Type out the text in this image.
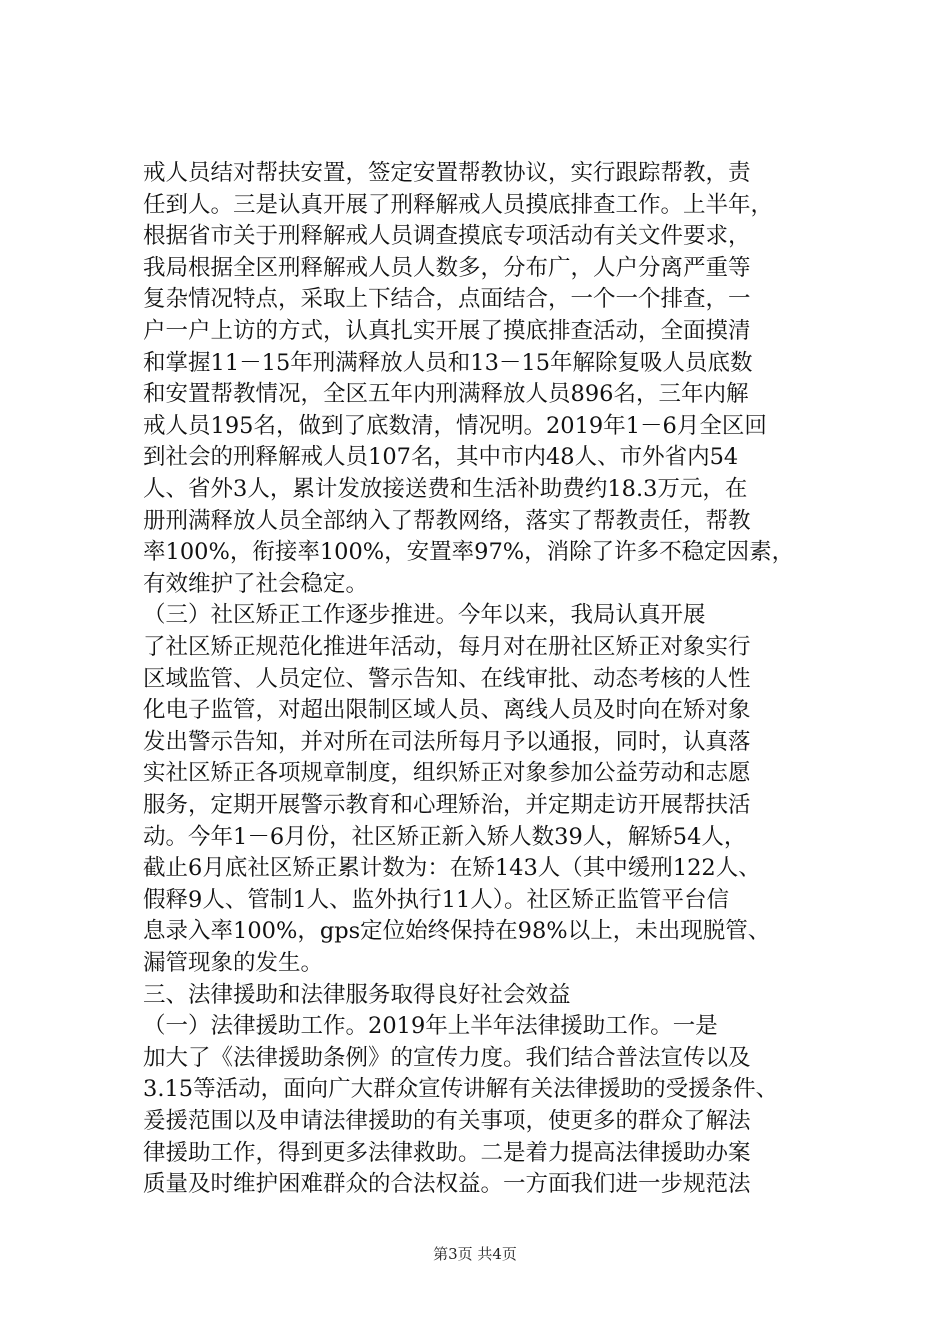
戒人员结对帮扶安置，签定安置帮教协议，实行跟踪帮教，责
任到人。三是认真开展了刑释解戒人员摸底排查工作。上半年，
根据省市关于刑释解戒人员调查摸底专项活动有关文件要求，
我局根据全区刑释解戒人员人数多，分布广，人户分离严重等
复杂情况特点，采取上下结合，点面结合，一个一个排查，一
户一户上访的方式，认真扎实开展了摸底排查活动，全面摸清
和掌握11－15年刑满释放人员和13－15年解除复吸人员底数
和安置帮教情况，全区五年内刑满释放人员896名，三年内解
戒人员195名，做到了底数清，情况明。2019年1－6月全区回
到社会的刑释解戒人员107名，其中市内48人、市外省内54
人、省外3人，累计发放接送费和生活补助费约18.3万元，在
册刑满释放人员全部纳入了帮教网络，落实了帮教责任，帮教
率100%，衔接率100%，安置率97%，消除了许多不稳定因素，
有效维护了社会稳定。
（三）社区矫正工作逐步推进。今年以来，我局认真开展
了社区矫正规范化推进年活动，每月对在册社区矫正对象实行
区域监管、人员定位、警示告知、在线审批、动态考核的人性
化电子监管，对超出限制区域人员、离线人员及时向在矫对象
发出警示告知，并对所在司法所每月予以通报，同时，认真落
实社区矫正各项规章制度，组织矫正对象参加公益劳动和志愿
服务，定期开展警示教育和心理矫治，并定期走访开展帮扶活
动。今年1－6月份，社区矫正新入矫人数39人，解矫54人，
截止6月底社区矫正累计数为：在矫143人（其中缓刑122人、
假释9人、管制1人、监外执行11人）。社区矫正监管平台信
息录入率100%，gps定位始终保持在98%以上，未出现脱管、
漏管现象的发生。
三、法律援助和法律服务取得良好社会效益
（一）法律援助工作。2019年上半年法律援助工作。一是
加大了《法律援助条例》的宣传力度。我们结合普法宣传以及
3.15等活动，面向广大群众宣传讲解有关法律援助的受援条件、
爰援范围以及申请法律援助的有关事项，使更多的群众了解法
律援助工作，得到更多法律救助。二是着力提高法律援助办案
质量及时维护困难群众的合法权益。一方面我们进一步规范法
第3页 共4页
